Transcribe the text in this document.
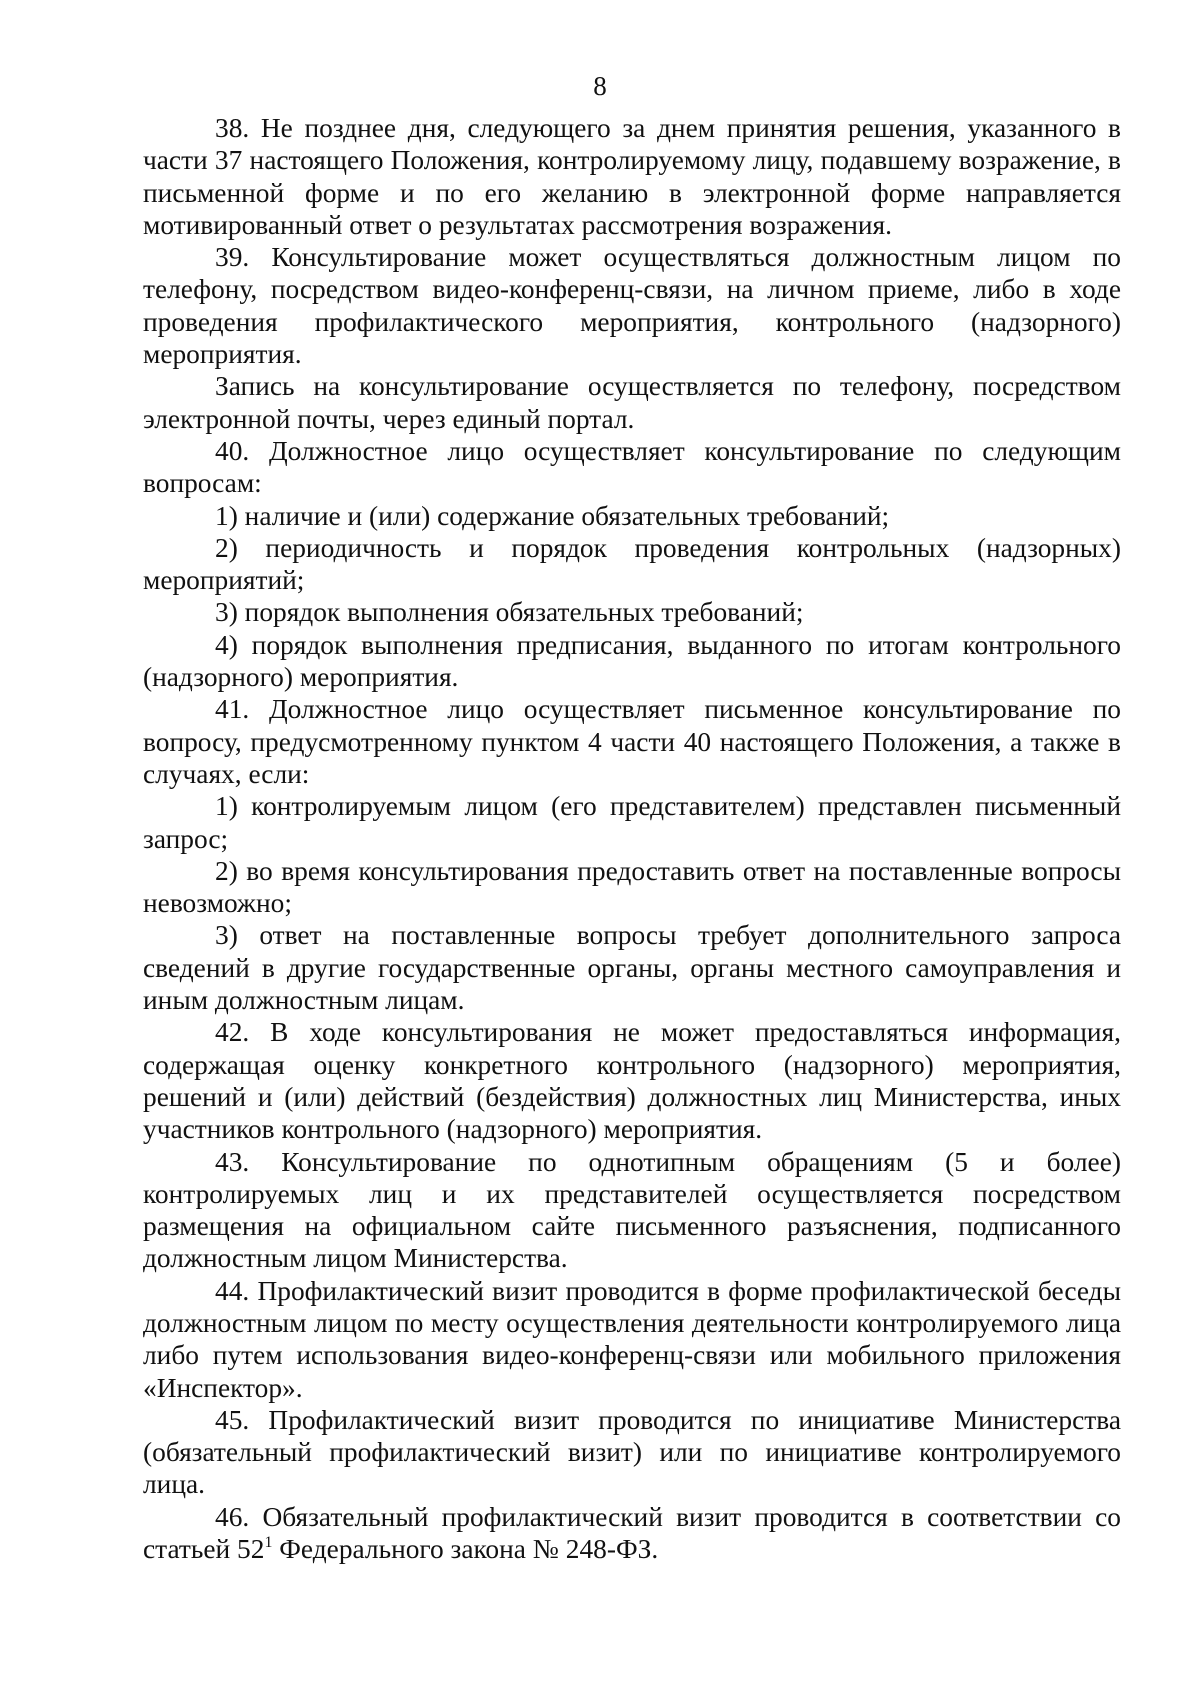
8

38. Не позднее дня, следующего за днем принятия решения, указанного в части 37 настоящего Положения, контролируемому лицу, подавшему возражение, в письменной форме и по его желанию в электронной форме направляется мотивированный ответ о результатах рассмотрения возражения.

39. Консультирование может осуществляться должностным лицом по телефону, посредством видео-конференц-связи, на личном приеме, либо в ходе проведения профилактического мероприятия, контрольного (надзорного) мероприятия.

Запись на консультирование осуществляется по телефону, посредством электронной почты, через единый портал.

40. Должностное лицо осуществляет консультирование по следующим вопросам:

1) наличие и (или) содержание обязательных требований;

2) периодичность и порядок проведения контрольных (надзорных) мероприятий;

3) порядок выполнения обязательных требований;

4) порядок выполнения предписания, выданного по итогам контрольного (надзорного) мероприятия.

41. Должностное лицо осуществляет письменное консультирование по вопросу, предусмотренному пунктом 4 части 40 настоящего Положения, а также в случаях, если:

1) контролируемым лицом (его представителем) представлен письменный запрос;

2) во время консультирования предоставить ответ на поставленные вопросы невозможно;

3) ответ на поставленные вопросы требует дополнительного запроса сведений в другие государственные органы, органы местного самоуправления и иным должностным лицам.

42. В ходе консультирования не может предоставляться информация, содержащая оценку конкретного контрольного (надзорного) мероприятия, решений и (или) действий (бездействия) должностных лиц Министерства, иных участников контрольного (надзорного) мероприятия.

43. Консультирование по однотипным обращениям (5 и более) контролируемых лиц и их представителей осуществляется посредством размещения на официальном сайте письменного разъяснения, подписанного должностным лицом Министерства.

44. Профилактический визит проводится в форме профилактической беседы должностным лицом по месту осуществления деятельности контролируемого лица либо путем использования видео-конференц-связи или мобильного приложения «Инспектор».

45. Профилактический визит проводится по инициативе Министерства (обязательный профилактический визит) или по инициативе контролируемого лица.

46. Обязательный профилактический визит проводится в соответствии со статьей $52^1$ Федерального закона № 248-ФЗ.
